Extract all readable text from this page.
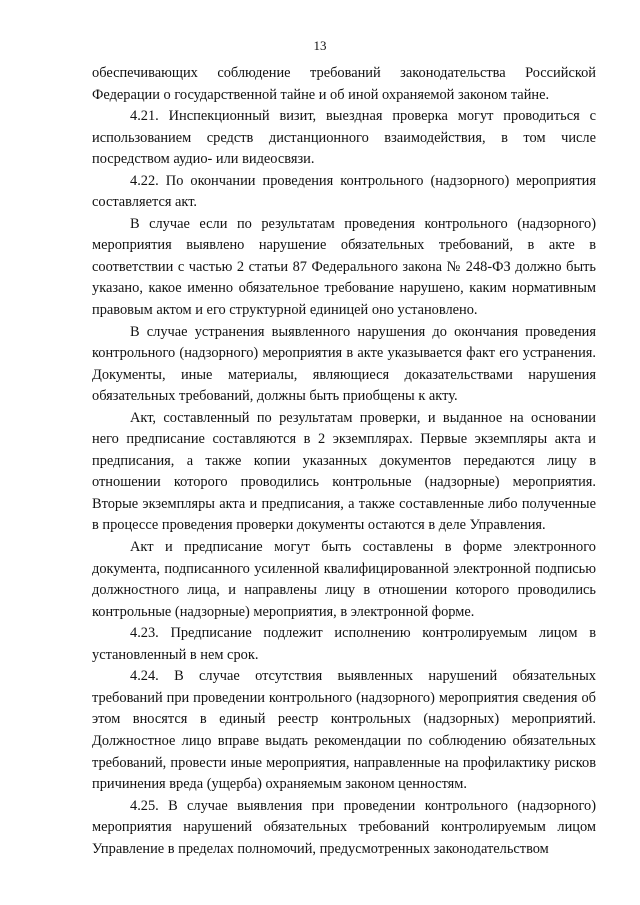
13

обеспечивающих соблюдение требований законодательства Российской Федерации о государственной тайне и об иной охраняемой законом тайне.

4.21. Инспекционный визит, выездная проверка могут проводиться с использованием средств дистанционного взаимодействия, в том числе посредством аудио- или видеосвязи.

4.22. По окончании проведения контрольного (надзорного) мероприятия составляется акт.

В случае если по результатам проведения контрольного (надзорного) мероприятия выявлено нарушение обязательных требований, в акте в соответствии с частью 2 статьи 87 Федерального закона № 248-ФЗ должно быть указано, какое именно обязательное требование нарушено, каким нормативным правовым актом и его структурной единицей оно установлено.

В случае устранения выявленного нарушения до окончания проведения контрольного (надзорного) мероприятия в акте указывается факт его устранения. Документы, иные материалы, являющиеся доказательствами нарушения обязательных требований, должны быть приобщены к акту.

Акт, составленный по результатам проверки, и выданное на основании него предписание составляются в 2 экземплярах. Первые экземпляры акта и предписания, а также копии указанных документов передаются лицу в отношении которого проводились контрольные (надзорные) мероприятия. Вторые экземпляры акта и предписания, а также составленные либо полученные в процессе проведения проверки документы остаются в деле Управления.

Акт и предписание могут быть составлены в форме электронного документа, подписанного усиленной квалифицированной электронной подписью должностного лица, и направлены лицу в отношении которого проводились контрольные (надзорные) мероприятия, в электронной форме.

4.23. Предписание подлежит исполнению контролируемым лицом в установленный в нем срок.

4.24. В случае отсутствия выявленных нарушений обязательных требований при проведении контрольного (надзорного) мероприятия сведения об этом вносятся в единый реестр контрольных (надзорных) мероприятий. Должностное лицо вправе выдать рекомендации по соблюдению обязательных требований, провести иные мероприятия, направленные на профилактику рисков причинения вреда (ущерба) охраняемым законом ценностям.

4.25. В случае выявления при проведении контрольного (надзорного) мероприятия нарушений обязательных требований контролируемым лицом Управление в пределах полномочий, предусмотренных законодательством
